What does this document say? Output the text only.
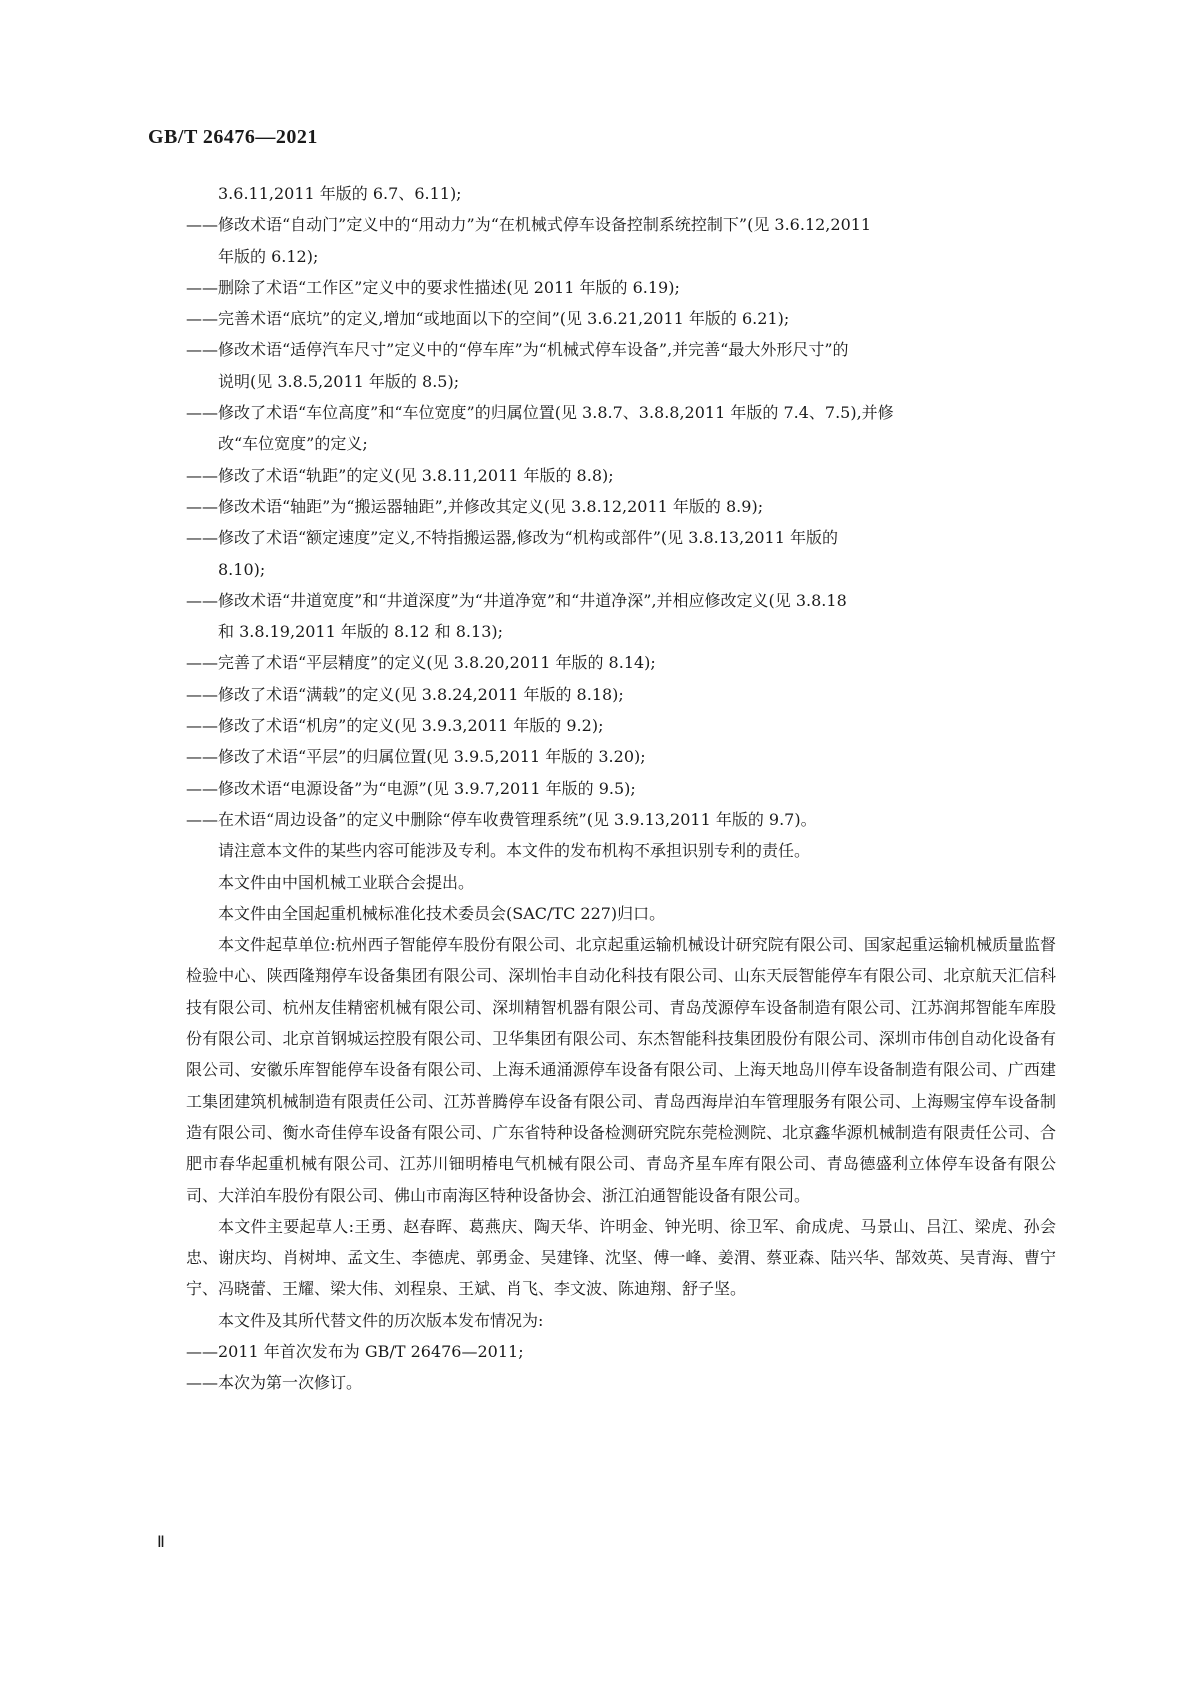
GB/T 26476—2021
3.6.11,2011 年版的 6.7、6.11);
——修改术语“自动门”定义中的“用动力”为“在机械式停车设备控制系统控制下”(见 3.6.12,2011
年版的 6.12);
——删除了术语“工作区”定义中的要求性描述(见 2011 年版的 6.19);
——完善术语“底坑”的定义,增加“或地面以下的空间”(见 3.6.21,2011 年版的 6.21);
——修改术语“适停汽车尺寸”定义中的“停车库”为“机械式停车设备”,并完善“最大外形尺寸”的
说明(见 3.8.5,2011 年版的 8.5);
——修改了术语“车位高度”和“车位宽度”的归属位置(见 3.8.7、3.8.8,2011 年版的 7.4、7.5),并修
改“车位宽度”的定义;
——修改了术语“轨距”的定义(见 3.8.11,2011 年版的 8.8);
——修改术语“轴距”为“搬运器轴距”,并修改其定义(见 3.8.12,2011 年版的 8.9);
——修改了术语“额定速度”定义,不特指搬运器,修改为“机构或部件”(见 3.8.13,2011 年版的
8.10);
——修改术语“井道宽度”和“井道深度”为“井道净宽”和“井道净深”,并相应修改定义(见 3.8.18
和 3.8.19,2011 年版的 8.12 和 8.13);
——完善了术语“平层精度”的定义(见 3.8.20,2011 年版的 8.14);
——修改了术语“满载”的定义(见 3.8.24,2011 年版的 8.18);
——修改了术语“机房”的定义(见 3.9.3,2011 年版的 9.2);
——修改了术语“平层”的归属位置(见 3.9.5,2011 年版的 3.20);
——修改术语“电源设备”为“电源”(见 3.9.7,2011 年版的 9.5);
——在术语“周边设备”的定义中删除“停车收费管理系统”(见 3.9.13,2011 年版的 9.7)。
请注意本文件的某些内容可能涉及专利。本文件的发布机构不承担识别专利的责任。
本文件由中国机械工业联合会提出。
本文件由全国起重机械标准化技术委员会(SAC/TC 227)归口。
本文件起草单位:杭州西子智能停车股份有限公司、北京起重运输机械设计研究院有限公司、国家起重运输机械质量监督检验中心、陕西隆翔停车设备集团有限公司、深圳怡丰自动化科技有限公司、山东天辰智能停车有限公司、北京航天汇信科技有限公司、杭州友佳精密机械有限公司、深圳精智机器有限公司、青岛茂源停车设备制造有限公司、江苏润邦智能车库股份有限公司、北京首钢城运控股有限公司、卫华集团有限公司、东杰智能科技集团股份有限公司、深圳市伟创自动化设备有限公司、安徽乐库智能停车设备有限公司、上海禾通涌源停车设备有限公司、上海天地岛川停车设备制造有限公司、广西建工集团建筑机械制造有限责任公司、江苏普腾停车设备有限公司、青岛西海岸泊车管理服务有限公司、上海赐宝停车设备制造有限公司、衡水奇佳停车设备有限公司、广东省特种设备检测研究院东莞检测院、北京鑫华源机械制造有限责任公司、合肥市春华起重机械有限公司、江苏川钿明椿电气机械有限公司、青岛齐星车库有限公司、青岛德盛利立体停车设备有限公司、大洋泊车股份有限公司、佛山市南海区特种设备协会、浙江泊通智能设备有限公司。
本文件主要起草人:王勇、赵春晖、葛燕庆、陶天华、许明金、钟光明、徐卫军、俞成虎、马景山、吕江、梁虎、孙会忠、谢庆均、肖树坤、孟文生、李德虎、郭勇金、吴建锋、沈坚、傅一峰、姜渭、蔡亚森、陆兴华、郜效英、吴青海、曹宁宁、冯晓蕾、王耀、梁大伟、刘程泉、王斌、肖飞、李文波、陈迪翔、舒子坚。
本文件及其所代替文件的历次版本发布情况为:
——2011 年首次发布为 GB/T 26476—2011;
——本次为第一次修订。
Ⅱ
